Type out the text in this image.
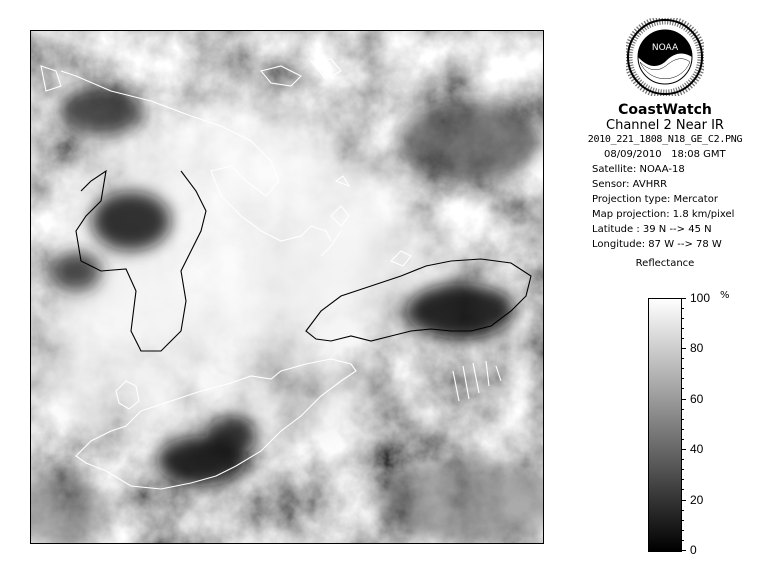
NOAA
CoastWatch
Channel 2 Near IR
2010_221_1808_N18_GE_C2.PNG
08/09/2010 18:08 GMT
Satellite: NOAA-18
Sensor: AVHRR
Projection type: Mercator
Map projection: 1.8 km/pixel
Latitude : 39 N --> 45 N
Longitude: 87 W --> 78 W
Reflectance
%
100
80
60
40
20
0
